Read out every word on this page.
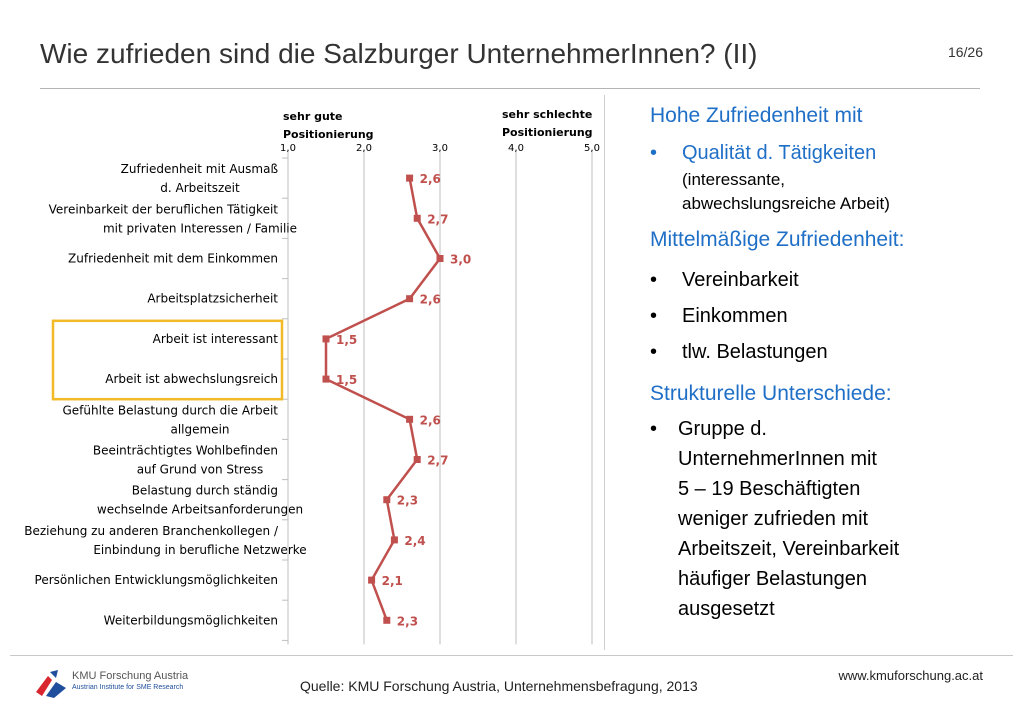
Wie zufrieden sind die Salzburger UnternehmerInnen? (II)	16/26
sehr gute
Positionierung
sehr schlechte
Positionierung
1,0	2,0	3,0	4,0	5,0
Zufriedenheit mit Ausmaß
d. Arbeitszeit
Vereinbarkeit der beruflichen Tätigkeit
mit privaten Interessen / Familie
Zufriedenheit mit dem Einkommen
Arbeitsplatzsicherheit
Arbeit ist interessant
Arbeit ist abwechslungsreich
Gefühlte Belastung durch die Arbeit
allgemein
Beeinträchtigtes Wohlbefinden
auf Grund von Stress
Belastung durch ständig
wechselnde Arbeitsanforderungen
Beziehung zu anderen Branchenkollegen /
Einbindung in berufliche Netzwerke
Persönlichen Entwicklungsmöglichkeiten
Weiterbildungsmöglichkeiten
2,6
2,7
3,0
2,6
1,5
1,5
2,6
2,7
2,3
2,4
2,1
2,3
Hohe Zufriedenheit mit
• Qualität d. Tätigkeiten
(interessante,
abwechslungsreiche Arbeit)
Mittelmäßige Zufriedenheit:
• Vereinbarkeit
• Einkommen
• tlw. Belastungen
Strukturelle Unterschiede:
• Gruppe d.
UnternehmerInnen mit
5 – 19 Beschäftigten
weniger zufrieden mit
Arbeitszeit, Vereinbarkeit
häufiger Belastungen
ausgesetzt
KMU Forschung Austria
Austrian Institute for SME Research	Quelle: KMU Forschung Austria, Unternehmensbefragung, 2013
www.kmuforschung.ac.at
